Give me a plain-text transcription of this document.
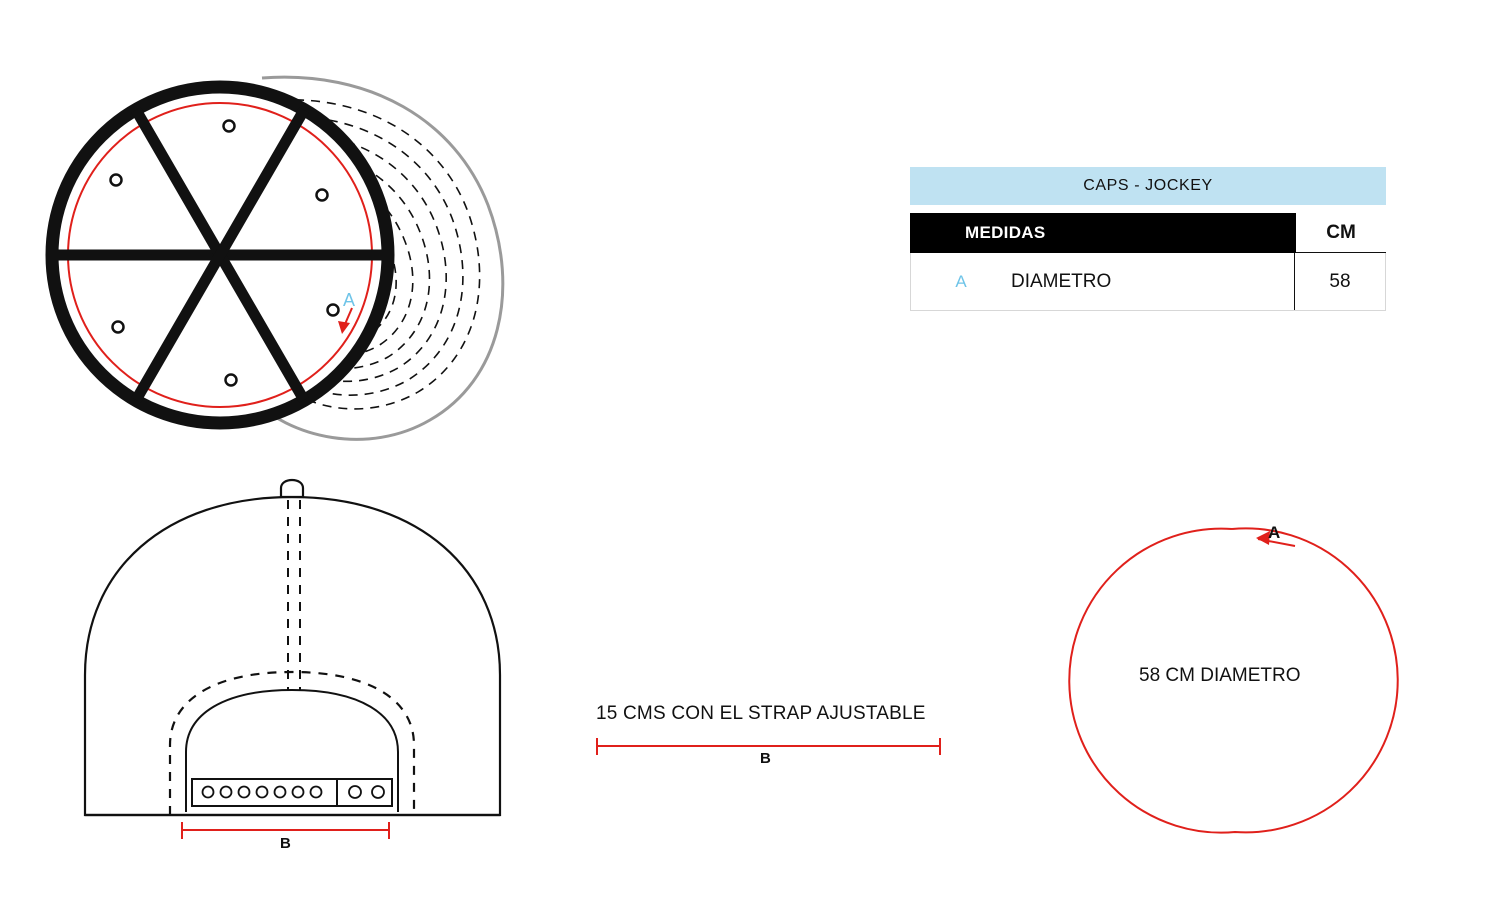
CAPS - JOCKEY
MEDIDAS	CM
A	DIAMETRO	58
A
15 CMS CON EL STRAP AJUSTABLE
B
B
58 CM DIAMETRO
A
